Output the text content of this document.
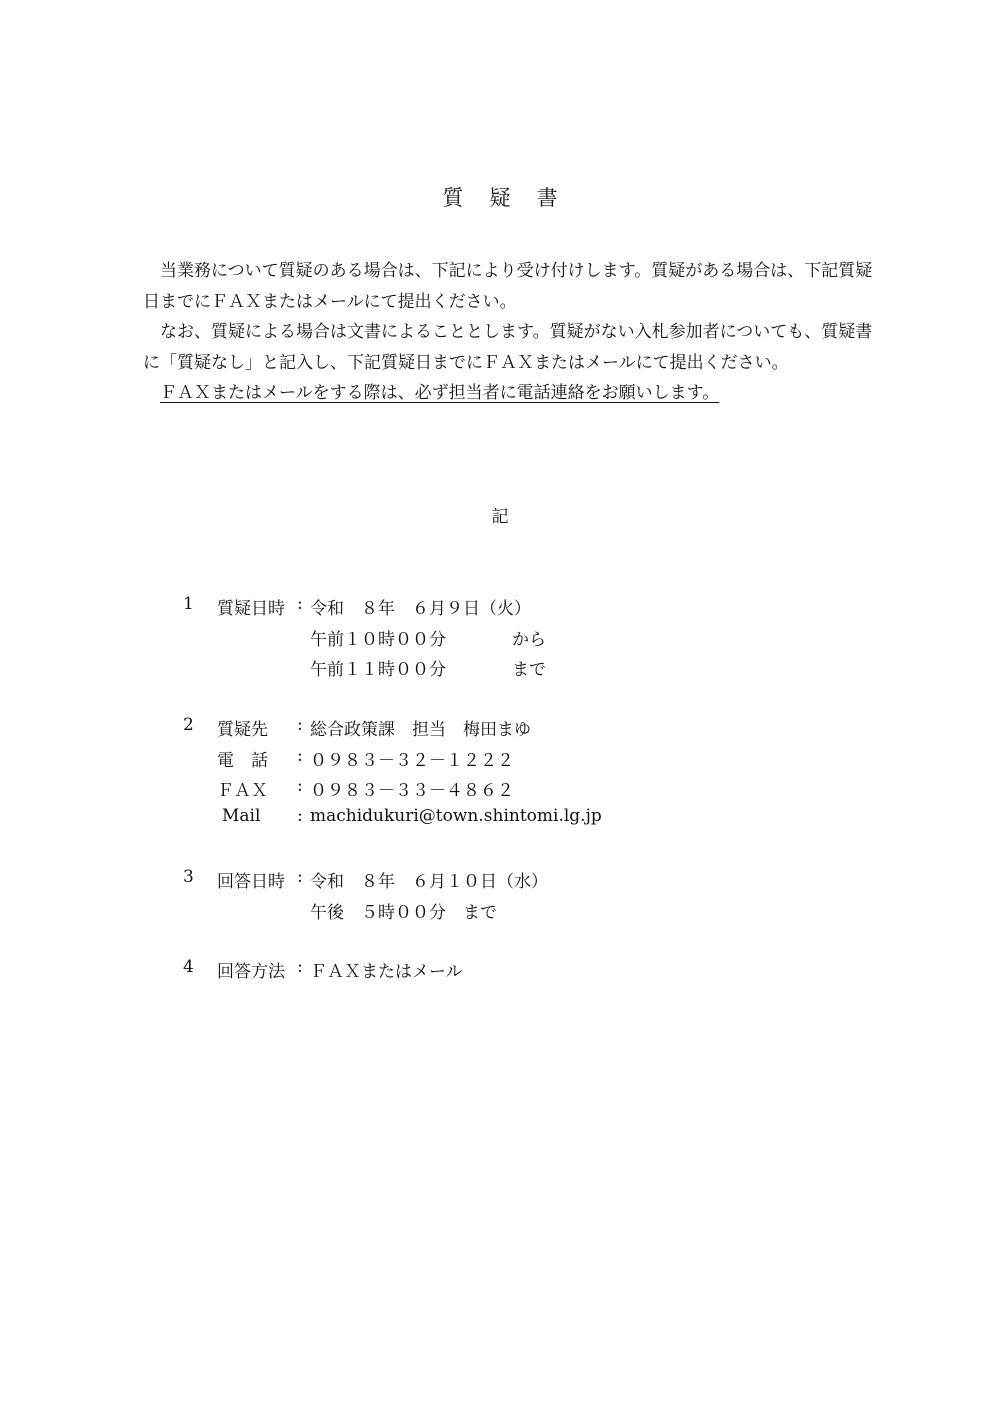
質 疑 書

　当業務について質疑のある場合は、下記により受け付けします。質疑がある場合は、下記質疑日までにＦＡＸまたはメールにて提出ください。

　なお、質疑による場合は文書によることとします。質疑がない入札参加者についても、質疑書に「質疑なし」と記入し、下記質疑日までにＦＡＸまたはメールにて提出ください。

　ＦＡＸまたはメールをする際は、必ず担当者に電話連絡をお願いします。

記
1 質疑日時 : 令和　８年　６月９日（火）
午前１０時００分	から
午前１１時００分	まで
2 質疑先 : 総合政策課　担当　梅田まゆ
電　話 : ０９８３－３２－１２２２
ＦＡＸ : ０９８３－３３－４８６２
Mail : machidukuri@town.shintomi.lg.jp
3 回答日時 : 令和　８年　６月１０日（水）
午後　５時００分　まで
4 回答方法 : ＦＡＸまたはメール
